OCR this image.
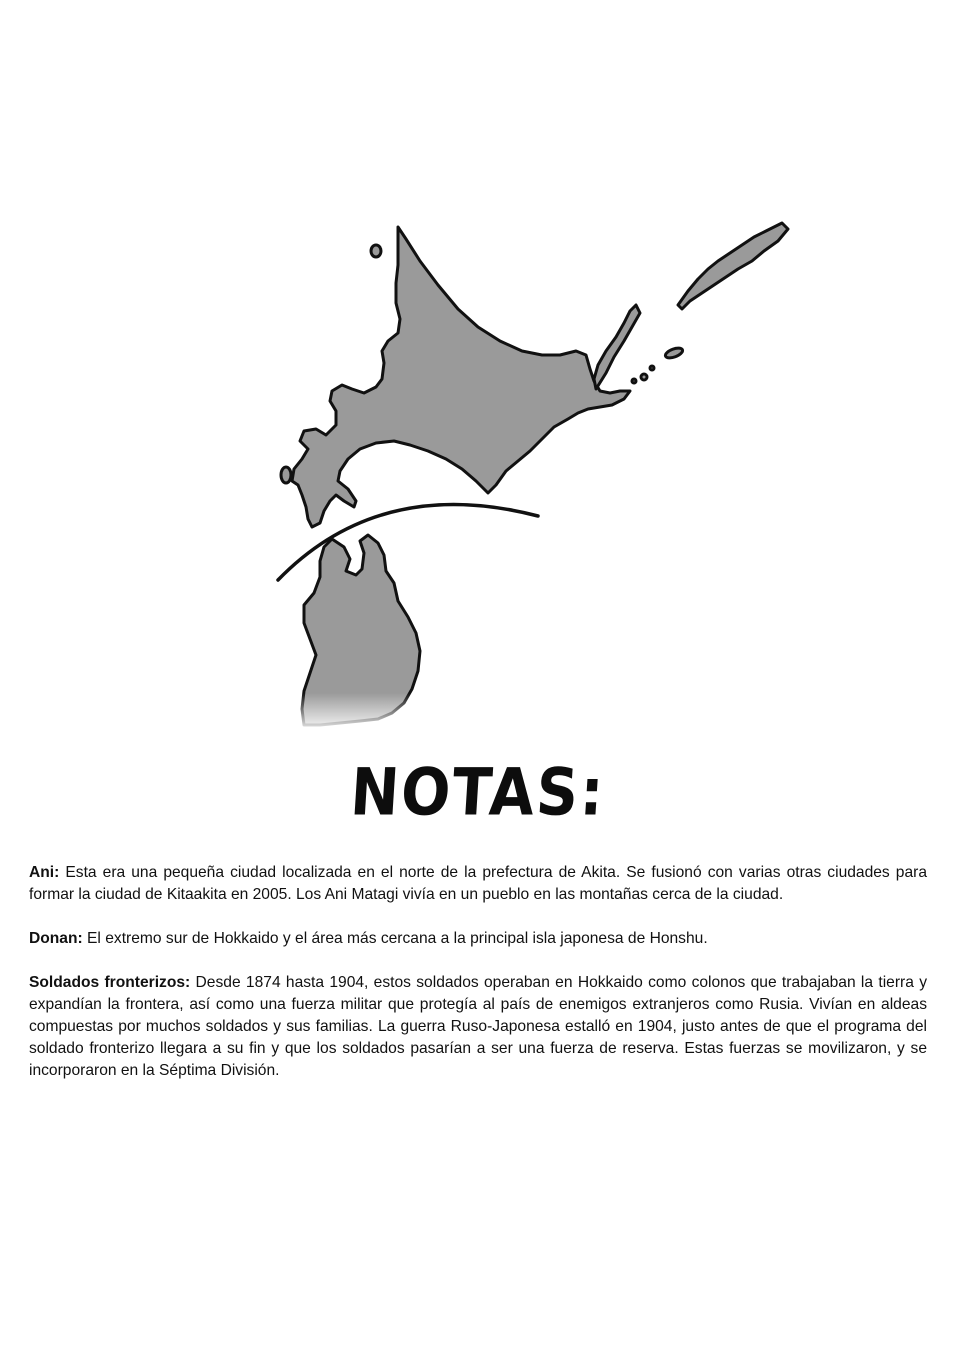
NOTAS:

Ani: Esta era una pequeña ciudad localizada en el norte de la prefectura de Akita. Se fusionó con varias otras ciudades para formar la ciudad de Kitaakita en 2005. Los Ani Matagi vivía en un pueblo en las montañas cerca de la ciudad.

Donan: El extremo sur de Hokkaido y el área más cercana a la principal isla japonesa de Honshu.

Soldados fronterizos: Desde 1874 hasta 1904, estos soldados operaban en Hokkaido como colonos que trabajaban la tierra y expandían la frontera, así como una fuerza militar que protegía al país de enemigos extranjeros como Rusia. Vivían en aldeas compuestas por muchos soldados y sus familias. La guerra Ruso-Japonesa estalló en 1904, justo antes de que el programa del soldado fronterizo llegara a su fin y que los soldados pasarían a ser una fuerza de reserva. Estas fuerzas se movilizaron, y se incorporaron en la Séptima División.
